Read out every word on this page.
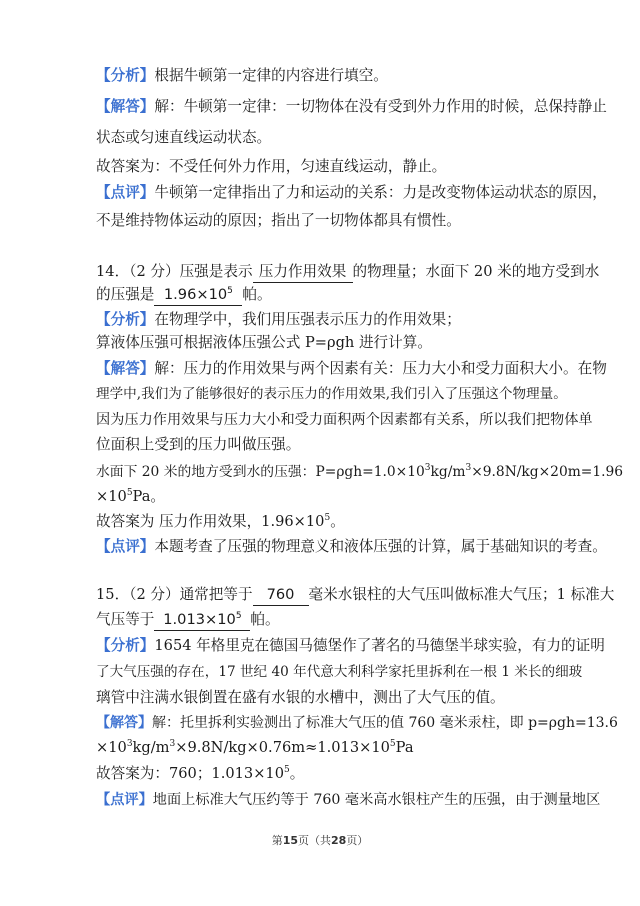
【分析】根据牛顿第一定律的内容进行填空。
【解答】解：牛顿第一定律：一切物体在没有受到外力作用的时候，总保持静止
状态或匀速直线运动状态。
故答案为：不受任何外力作用，匀速直线运动，静止。
【点评】牛顿第一定律指出了力和运动的关系：力是改变物体运动状态的原因，
不是维持物体运动的原因；指出了一切物体都具有惯性。
14．（2 分）压强是表示 压力作用效果 的物理量；水面下 20 米的地方受到水
的压强是 $1.96\times 10^5$ 帕。
【分析】在物理学中，我们用压强表示压力的作用效果；
算液体压强可根据液体压强公式 P=ρgh 进行计算。
【解答】解：压力的作用效果与两个因素有关：压力大小和受力面积大小。在物
理学中,我们为了能够很好的表示压力的作用效果,我们引入了压强这个物理量。
因为压力作用效果与压力大小和受力面积两个因素都有关系，所以我们把物体单
位面积上受到的压力叫做压强。
水面下 20 米的地方受到水的压强：$P=\rho gh=1.0\times 10^3kg/m^3\times 9.8N/kg\times 20m=1.96$
$\times 10^5Pa$。
故答案为 压力作用效果，$1.96\times 10^5$。
【点评】本题考查了压强的物理意义和液体压强的计算，属于基础知识的考查。
15．（2 分）通常把等于 760 毫米水银柱的大气压叫做标准大气压；1 标准大
气压等于 $1.013\times 10^5$ 帕。
【分析】1654 年格里克在德国马德堡作了著名的马德堡半球实验，有力的证明
了大气压强的存在，17 世纪 40 年代意大利科学家托里拆利在一根 1 米长的细玻
璃管中注满水银倒置在盛有水银的水槽中，测出了大气压的值。
【解答】解：托里拆利实验测出了标准大气压的值 760 毫米汞柱，即 p=ρgh=13.6
$\times 10^3kg/m^3\times 9.8N/kg\times 0.76m\approx 1.013\times 10^5Pa$
故答案为：760；$1.013\times 10^5$。
【点评】地面上标准大气压约等于 760 毫米高水银柱产生的压强，由于测量地区
第15页（共28页）
